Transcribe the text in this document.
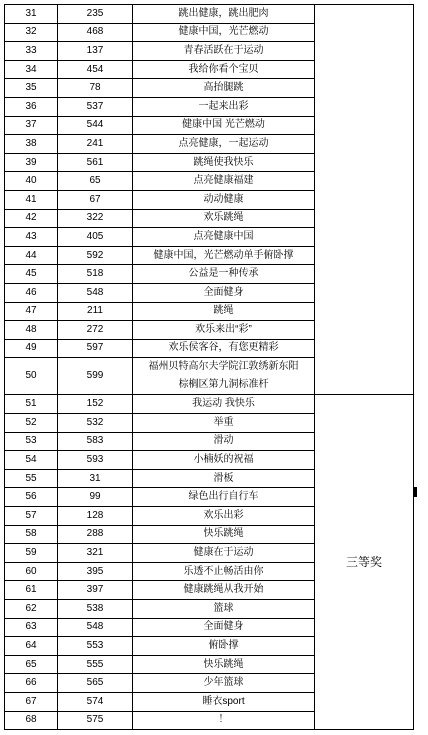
31	235	跳出健康，跳出肥肉	
32	468	健康中国，光芒燃动	
33	137	青春活跃在于运动	
34	454	我给你看个宝贝	
35	78	高抬腿跳	
36	537	一起来出彩	
37	544	健康中国 光芒燃动	
38	241	点亮健康，一起运动	
39	561	跳绳使我快乐	
40	65	点亮健康福建	
41	67	动动健康	
42	322	欢乐跳绳	
43	405	点亮健康中国	
44	592	健康中国，光芒燃动单手俯卧撑	
45	518	公益是一种传承	
46	548	全面健身	
47	211	跳绳	
48	272	欢乐来出“彩”	
49	597	欢乐侯客谷，有您更精彩	
50	599	福州贝特高尔夫学院江敦绣新东阳
棕榈区第九洞标准杆	

51	152	我运动 我快乐	三等奖
52	532	举重	
53	583	滑动	
54	593	小楠妖的祝福	
55	31	滑板	
56	99	绿色出行自行车	
57	128	欢乐出彩	
58	288	快乐跳绳	
59	321	健康在于运动	
60	395	乐透不止畅活由你	
61	397	健康跳绳从我开始	
62	538	篮球	
63	548	全面健身	
64	553	俯卧撑	
65	555	快乐跳绳	
66	565	少年篮球	
67	574	睡衣sport	
68	575	！	
